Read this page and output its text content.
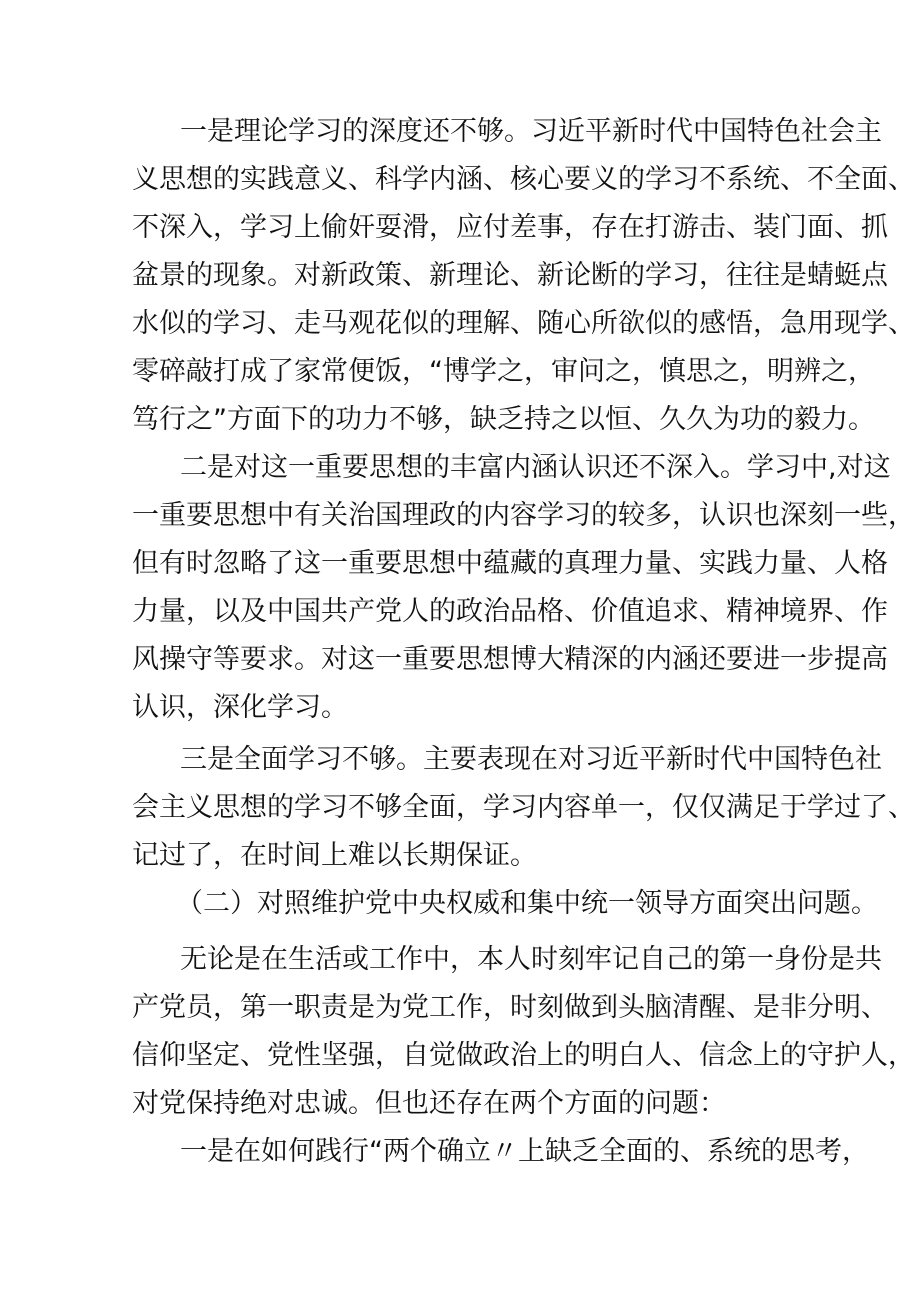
一是理论学习的深度还不够。习近平新时代中国特色社会主
义思想的实践意义、科学内涵、核心要义的学习不系统、不全面、
不深入，学习上偷奸耍滑，应付差事，存在打游击、装门面、抓
盆景的现象。对新政策、新理论、新论断的学习，往往是蜻蜓点
水似的学习、走马观花似的理解、随心所欲似的感悟，急用现学、
零碎敲打成了家常便饭，“博学之，审问之，慎思之，明辨之，
笃行之”方面下的功力不够，缺乏持之以恒、久久为功的毅力。
二是对这一重要思想的丰富内涵认识还不深入。学习中,对这
一重要思想中有关治国理政的内容学习的较多，认识也深刻一些，
但有时忽略了这一重要思想中蕴藏的真理力量、实践力量、人格
力量，以及中国共产党人的政治品格、价值追求、精神境界、作
风操守等要求。对这一重要思想博大精深的内涵还要进一步提高
认识，深化学习。
三是全面学习不够。主要表现在对习近平新时代中国特色社
会主义思想的学习不够全面，学习内容单一，仅仅满足于学过了、
记过了，在时间上难以长期保证。
（二）对照维护党中央权威和集中统一领导方面突出问题。
无论是在生活或工作中，本人时刻牢记自己的第一身份是共
产党员，第一职责是为党工作，时刻做到头脑清醒、是非分明、
信仰坚定、党性坚强，自觉做政治上的明白人、信念上的守护人，
对党保持绝对忠诚。但也还存在两个方面的问题：
一是在如何践行“两个确立〃上缺乏全面的、系统的思考，
